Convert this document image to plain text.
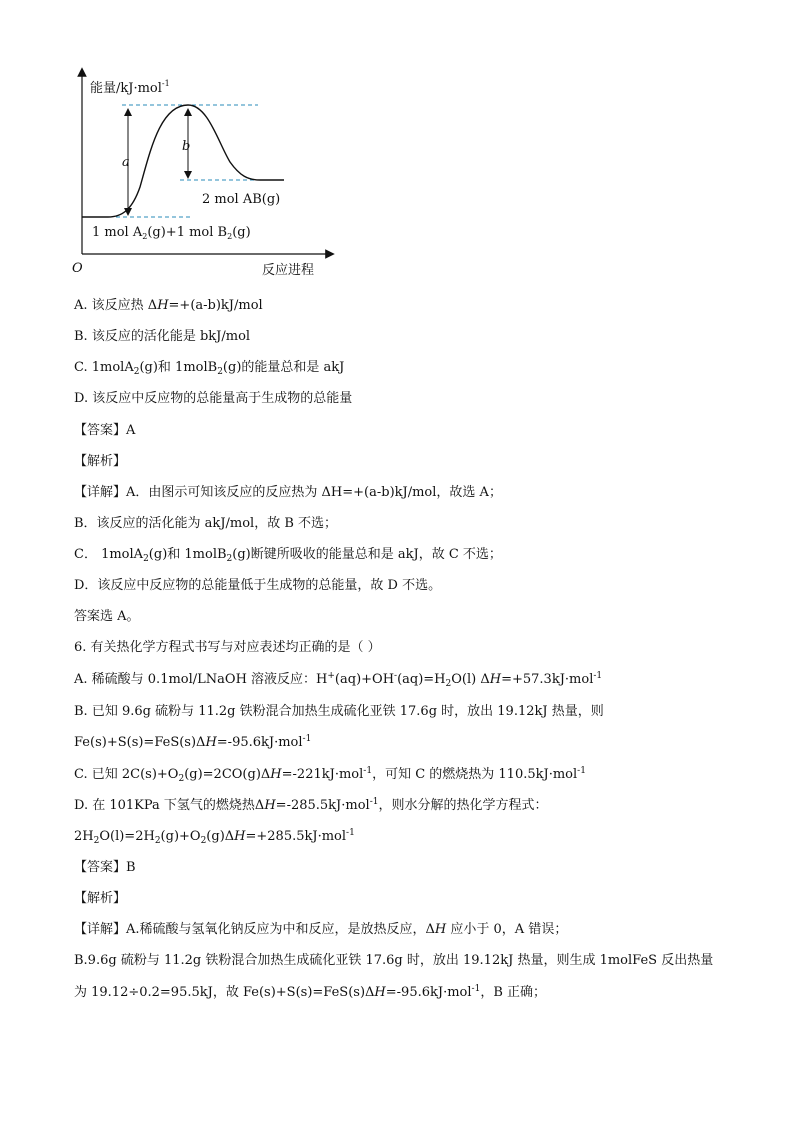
能量/kJ·mol$^{-1}$
O	反应进程
a
b
2 mol AB(g)
1 mol $A_2(g)+1$ mol $B_2(g)$
A. 该反应热 ΔH=+(a-b)kJ/mol
B. 该反应的活化能是 bkJ/mol
C. 1molA$_2$(g)和 1molB$_2$(g)的能量总和是 akJ
D. 该反应中反应物的总能量高于生成物的总能量
【答案】A
【解析】
【详解】A．由图示可知该反应的反应热为 ΔH=+(a-b)kJ/mol，故选 A；
B．该反应的活化能为 akJ/mol，故 B 不选；
C． 1molA$_2$(g)和 1molB$_2$(g)断键所吸收的能量总和是 akJ，故 C 不选；
D．该反应中反应物的总能量低于生成物的总能量，故 D 不选。
答案选 A。
6. 有关热化学方程式书写与对应表述均正确的是（ ）
A. 稀硫酸与 0.1mol/LNaOH 溶液反应：$H^+(aq)+OH^-(aq)=H_2O(l)$ ΔH=+57.3kJ·mol$^{-1}$
B. 已知 9.6g 硫粉与 11.2g 铁粉混合加热生成硫化亚铁 17.6g 时，放出 19.12kJ 热量，则
Fe(s)+S(s)=FeS(s)ΔH=-95.6kJ·mol$^{-1}$
C. 已知 $2C(s)+O_2(g)=2CO(g)\Delta H=-221kJ\cdot mol^{-1}$，可知 C 的燃烧热为 110.5kJ·mol$^{-1}$
D. 在 101KPa 下氢气的燃烧热ΔH=-285.5kJ·mol$^{-1}$，则水分解的热化学方程式：
$2H_2O(l)=2H_2(g)+O_2(g)\Delta H=+285.5kJ\cdot mol^{-1}$
【答案】B
【解析】
【详解】A.稀硫酸与氢氧化钠反应为中和反应，是放热反应，ΔH 应小于 0，A 错误；
B.9.6g 硫粉与 11.2g 铁粉混合加热生成硫化亚铁 17.6g 时，放出 19.12kJ 热量，则生成 1molFeS 反出热量
为 19.12÷0.2=95.5kJ，故 Fe(s)+S(s)=FeS(s)ΔH=-95.6kJ·mol$^{-1}$，B 正确；
